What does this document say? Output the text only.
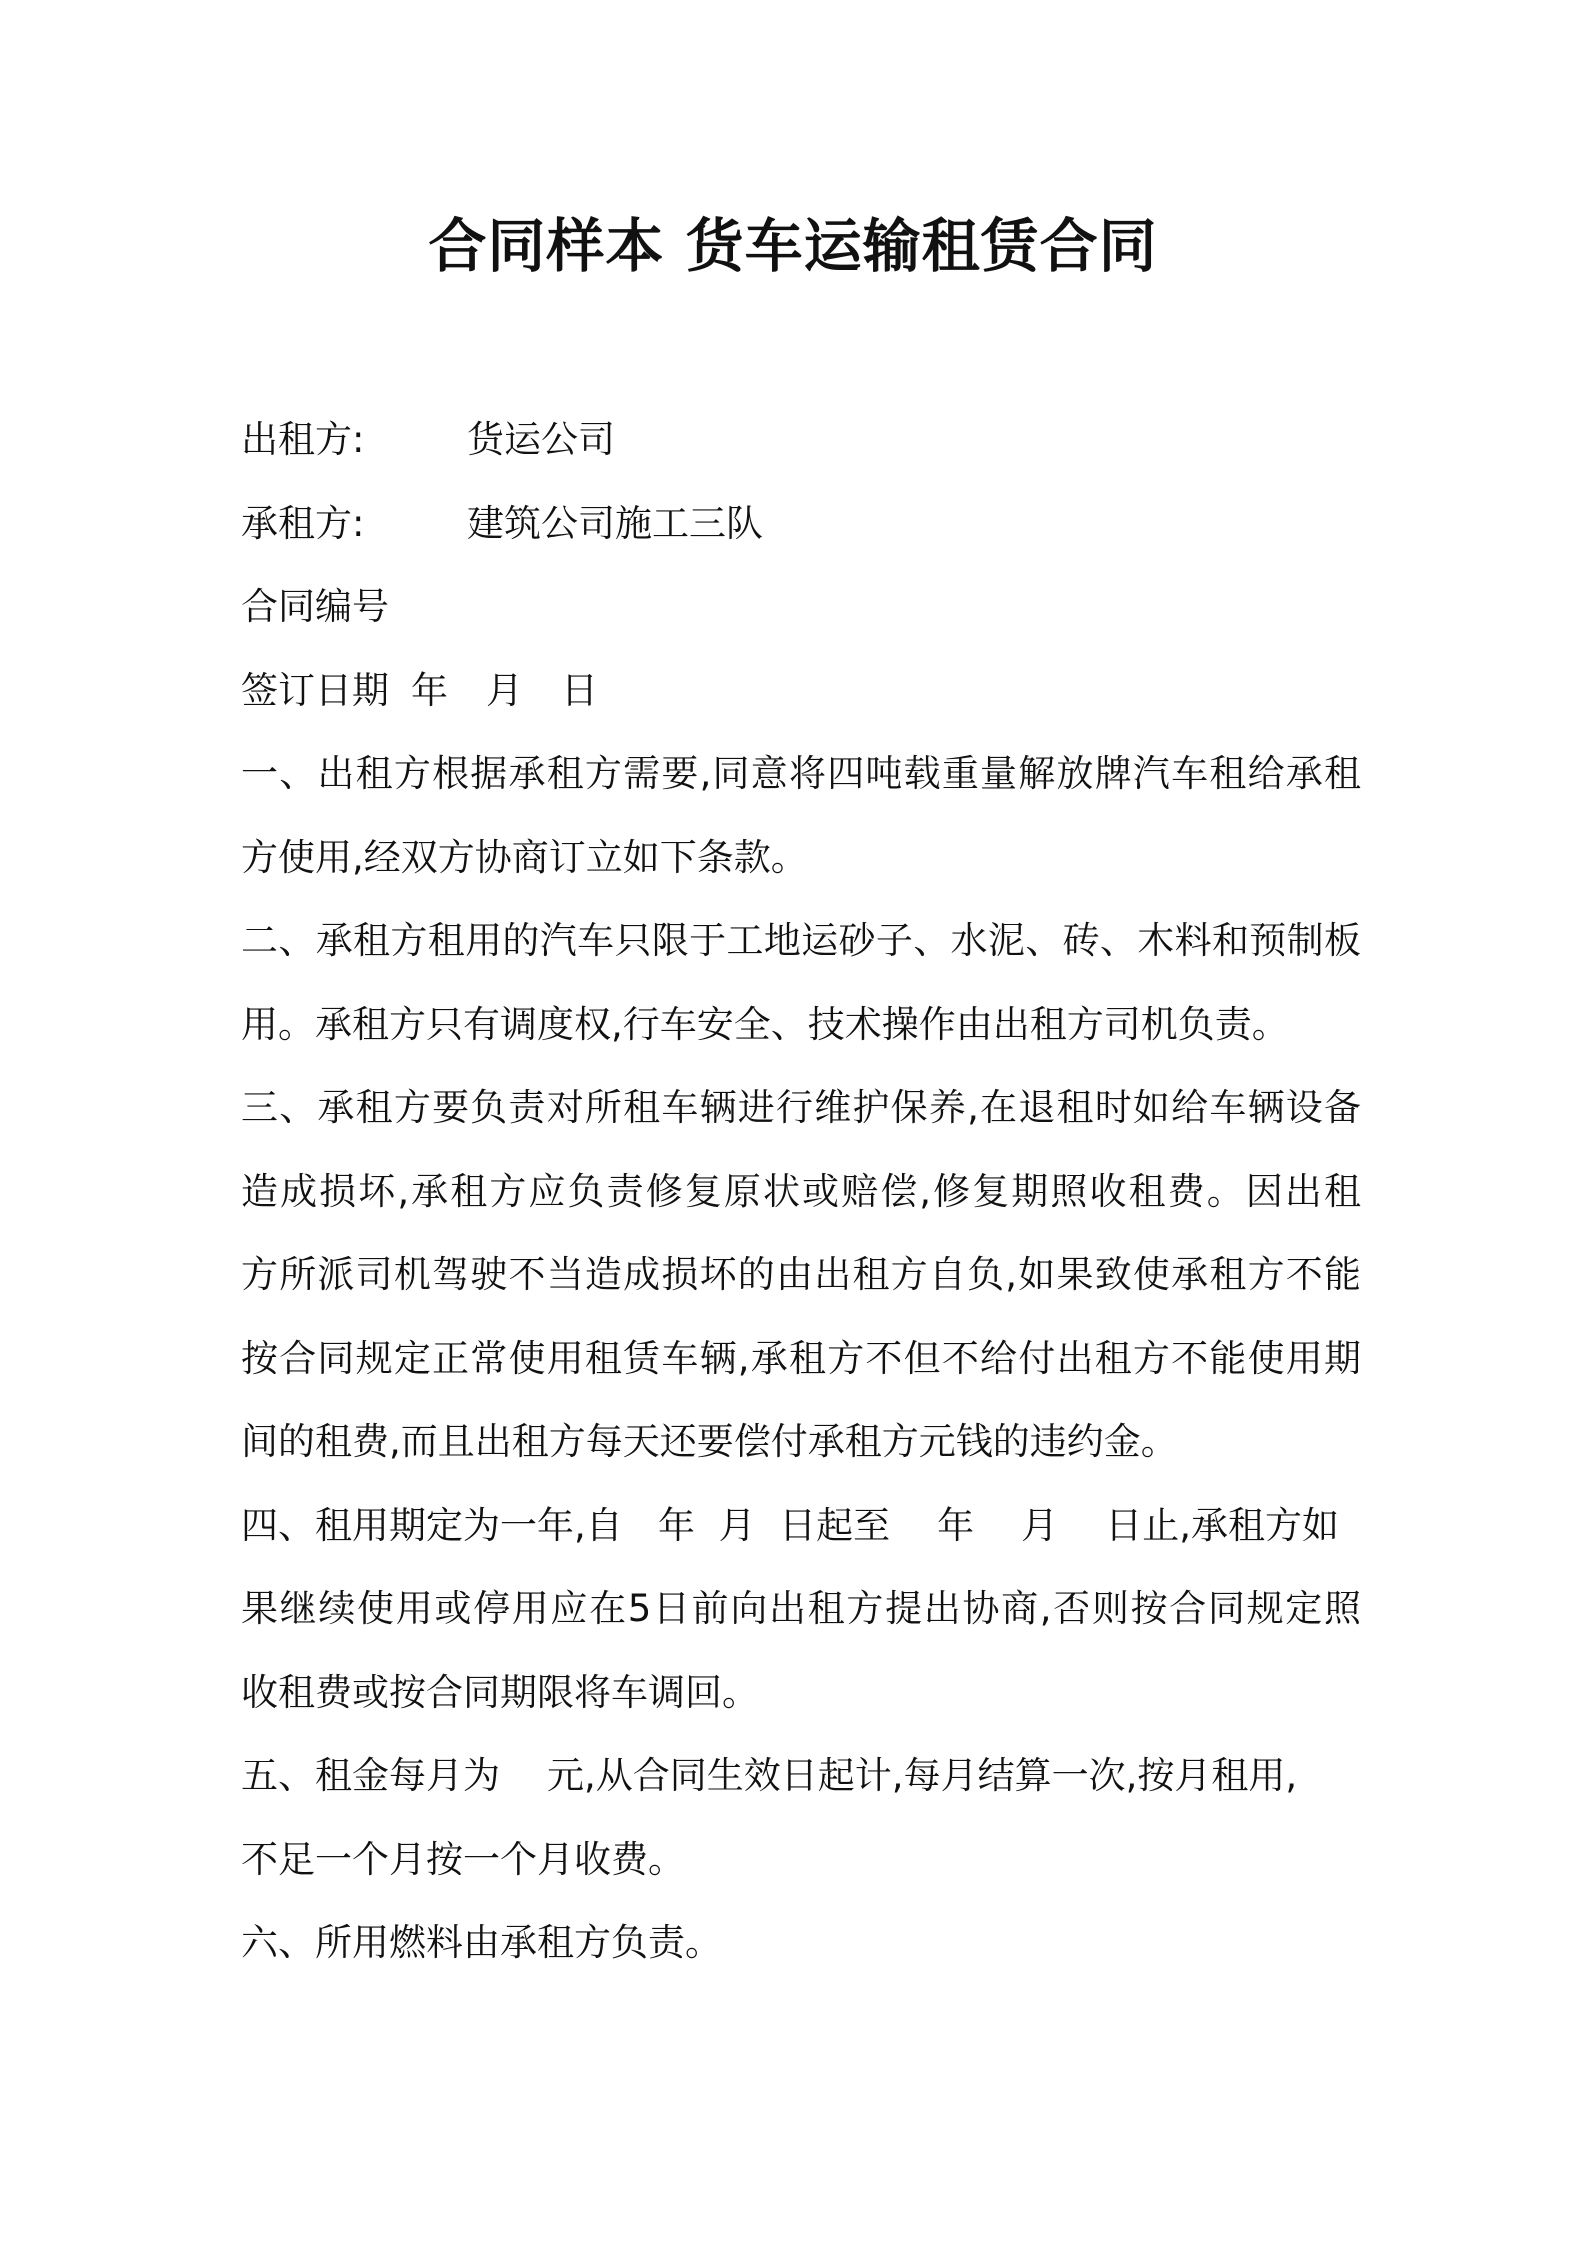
合同样本 货车运输租赁合同
出租方:	货运公司
承租方:	建筑公司施工三队
合同编号
签订日期 年 月 日
一、出租方根据承租方需要,同意将四吨载重量解放牌汽车租给承租
方使用,经双方协商订立如下条款。
二、承租方租用的汽车只限于工地运砂子、水泥、砖、木料和预制板
用。承租方只有调度权,行车安全、技术操作由出租方司机负责。
三、承租方要负责对所租车辆进行维护保养,在退租时如给车辆设备
造成损坏,承租方应负责修复原状或赔偿,修复期照收租费。因出租
方所派司机驾驶不当造成损坏的由出租方自负,如果致使承租方不能
按合同规定正常使用租赁车辆,承租方不但不给付出租方不能使用期
间的租费,而且出租方每天还要偿付承租方元钱的违约金。
四、租用期定为一年,自   年  月  日起至    年    月    日止,承租方如
果继续使用或停用应在5日前向出租方提出协商,否则按合同规定照
收租费或按合同期限将车调回。
五、租金每月为    元,从合同生效日起计,每月结算一次,按月租用,
不足一个月按一个月收费。
六、所用燃料由承租方负责。
